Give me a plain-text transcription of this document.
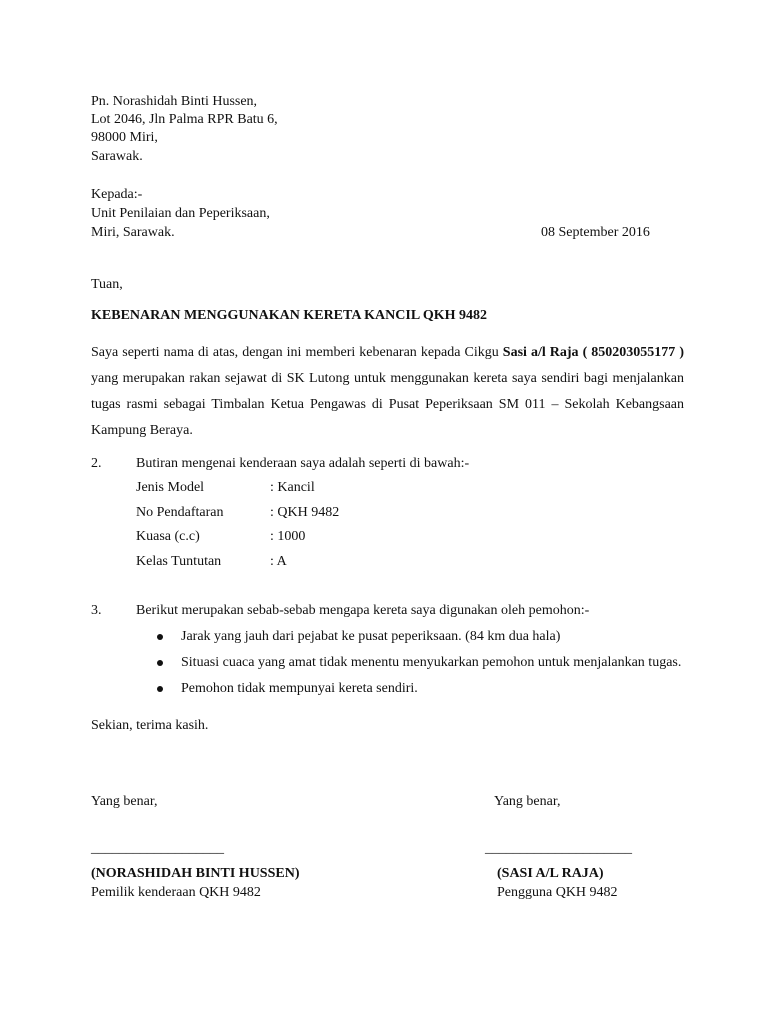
Pn. Norashidah Binti Hussen,
Lot 2046, Jln Palma RPR Batu 6,
98000 Miri,
Sarawak.
Kepada:-
Unit Penilaian dan Peperiksaan,
Miri, Sarawak.	08 September 2016
Tuan,
KEBENARAN MENGGUNAKAN KERETA KANCIL QKH 9482
Saya seperti nama di atas, dengan ini memberi kebenaran kepada Cikgu Sasi a/l Raja ( 850203055177 )
yang merupakan rakan sejawat di SK Lutong untuk menggunakan kereta saya sendiri bagi menjalankan
tugas rasmi sebagai Timbalan Ketua Pengawas di Pusat Peperiksaan SM 011 – Sekolah Kebangsaan
Kampung Beraya.
2. Butiran mengenai kenderaan saya adalah seperti di bawah:-
Jenis Model	: Kancil
No Pendaftaran	: QKH 9482
Kuasa (c.c)	: 1000
Kelas Tuntutan	: A
3. Berikut merupakan sebab-sebab mengapa kereta saya digunakan oleh pemohon:-
Jarak yang jauh dari pejabat ke pusat peperiksaan. (84 km dua hala)
Situasi cuaca yang amat tidak menentu menyukarkan pemohon untuk menjalankan tugas.
Pemohon tidak mempunyai kereta sendiri.
Sekian, terima kasih.
Yang benar,	Yang benar,
___________________	_____________________
(NORASHIDAH BINTI HUSSEN)	(SASI A/L RAJA)
Pemilik kenderaan QKH 9482	Pengguna QKH 9482
